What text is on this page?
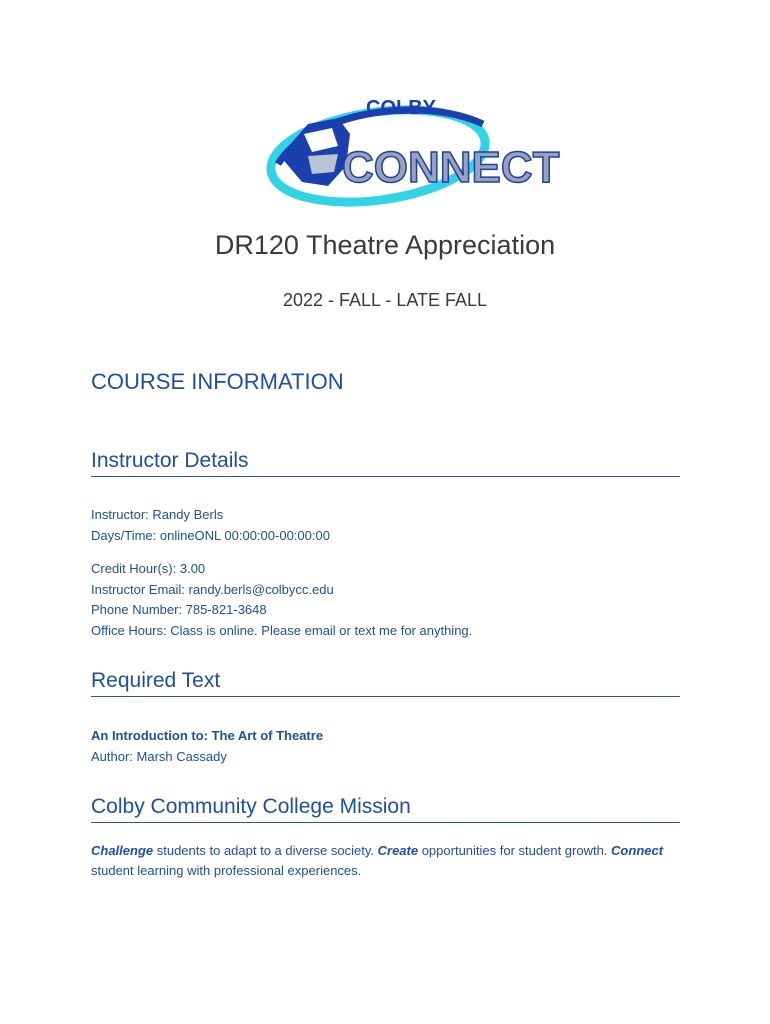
COLBY
CONNECT
DR120 Theatre Appreciation
2022 - FALL - LATE FALL
COURSE INFORMATION
Instructor Details
Instructor: Randy Berls
Days/Time: onlineONL 00:00:00-00:00:00
Credit Hour(s): 3.00
Instructor Email: randy.berls@colbycc.edu
Phone Number: 785-821-3648
Office Hours: Class is online. Please email or text me for anything.
Required Text
An Introduction to: The Art of Theatre
Author: Marsh Cassady
Colby Community College Mission
Challenge students to adapt to a diverse society. Create opportunities for student growth. Connect
student learning with professional experiences.
